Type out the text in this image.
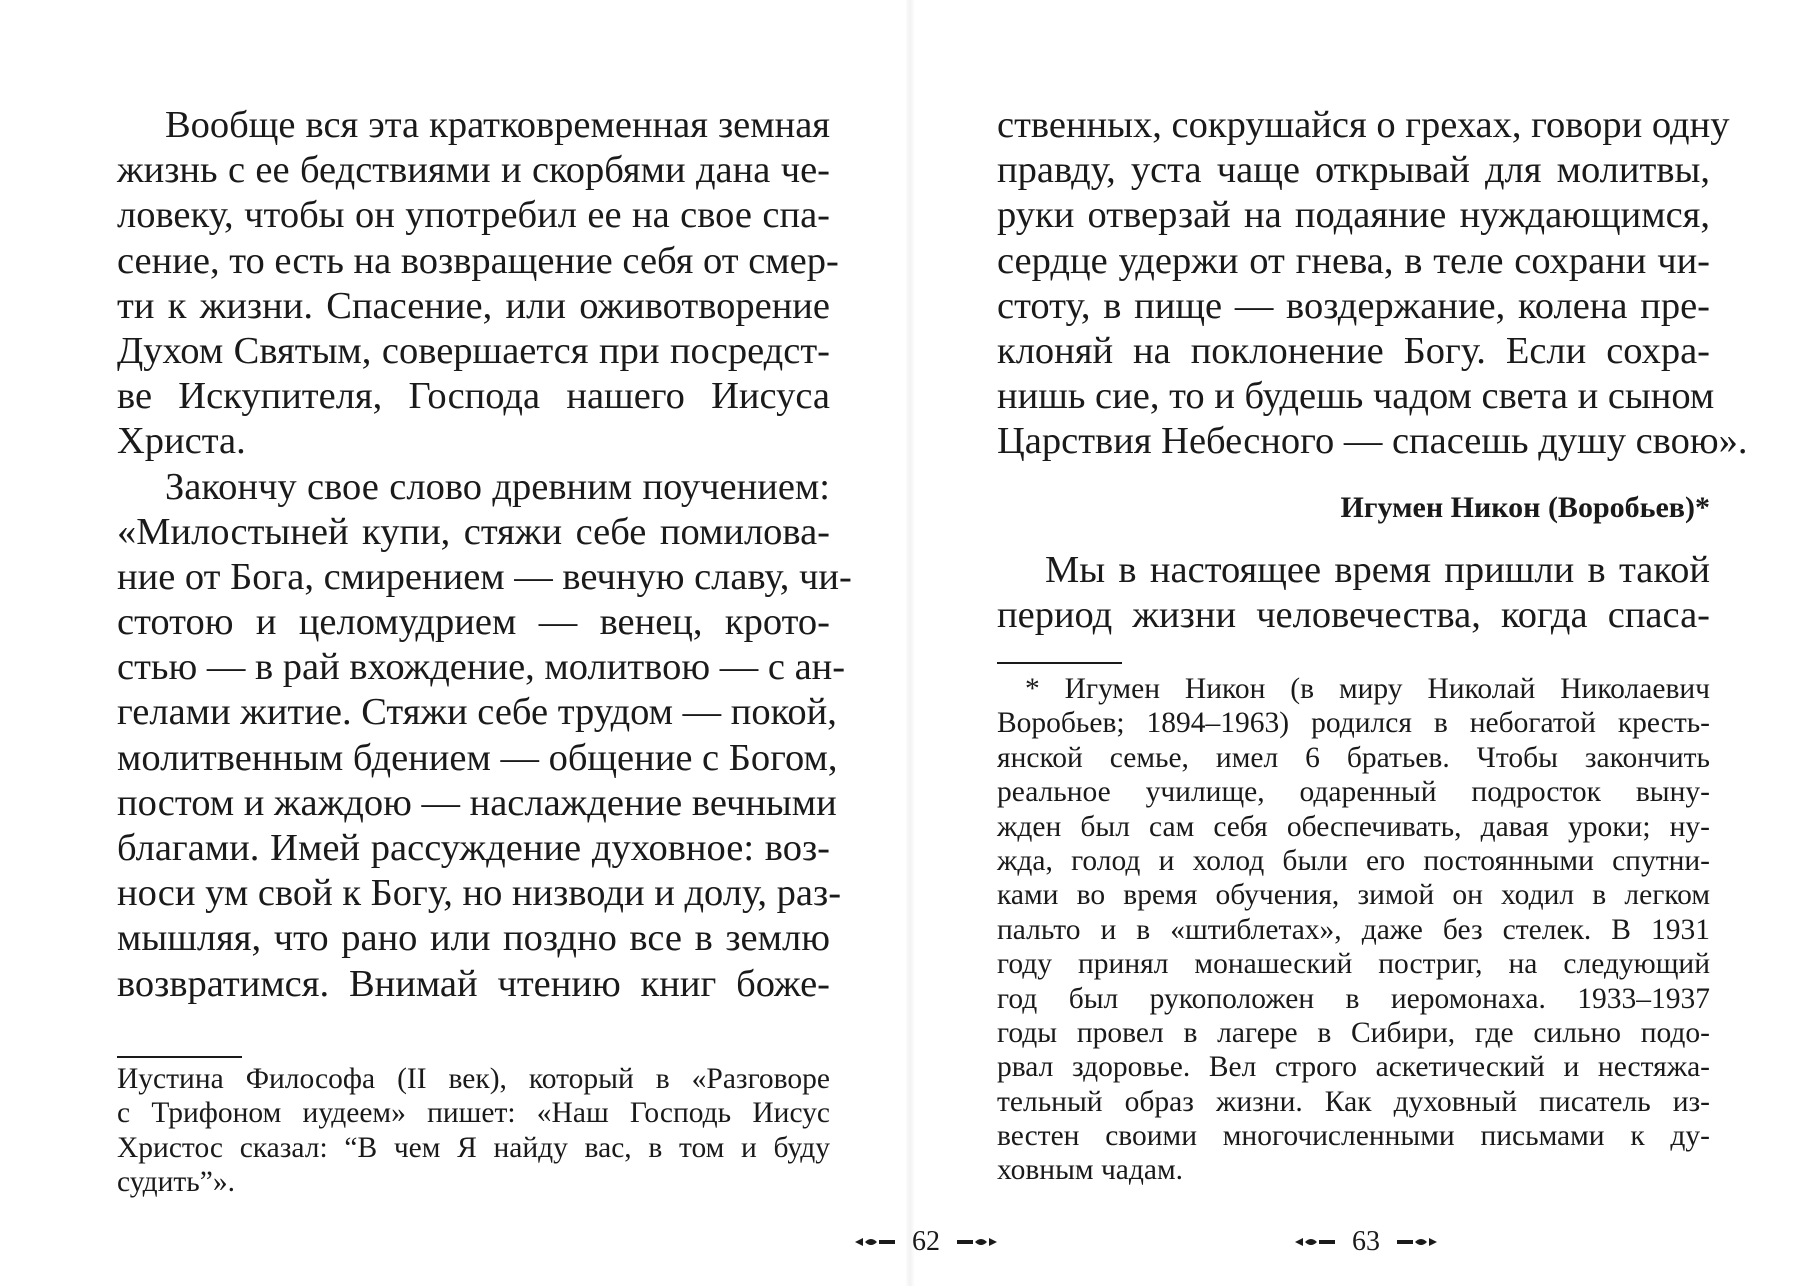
Вообще вся эта кратковременная земная
жизнь с ее бедствиями и скорбями дана че-
ловеку, чтобы он употребил ее на свое спа-
сение, то есть на возвращение себя от смер-
ти к жизни. Спасение, или оживотворение
Духом Святым, совершается при посредст-
ве Искупителя, Господа нашего Иисуса
Христа.
Закончу свое слово древним поучением:
«Милостыней купи, стяжи себе помилова-
ние от Бога, смирением — вечную славу, чи-
стотою и целомудрием — венец, крото-
стью — в рай вхождение, молитвою — с ан-
гелами житие. Стяжи себе трудом — покой,
молитвенным бдением — общение с Богом,
постом и жаждою — наслаждение вечными
благами. Имей рассуждение духовное: воз-
носи ум свой к Богу, но низводи и долу, раз-
мышляя, что рано или поздно все в землю
возвратимся. Внимай чтению книг боже-
Иустина Философа (II век), который в «Разговоре
с Трифоном иудеем» пишет: «Наш Господь Иисус
Христос сказал: “В чем Я найду вас, в том и буду
судить”».
62
ственных, сокрушайся о грехах, говори одну
правду, уста чаще открывай для молитвы,
руки отверзай на подаяние нуждающимся,
сердце удержи от гнева, в теле сохрани чи-
стоту, в пище — воздержание, колена пре-
клоняй на поклонение Богу. Если сохра-
нишь сие, то и будешь чадом света и сыном
Царствия Небесного — спасешь душу свою».
Игумен Никон (Воробьев)*
Мы в настоящее время пришли в такой
период жизни человечества, когда спаса-
* Игумен Никон (в миру Николай Николаевич
Воробьев; 1894–1963) родился в небогатой кресть-
янской семье, имел 6 братьев. Чтобы закончить
реальное училище, одаренный подросток выну-
жден был сам себя обеспечивать, давая уроки; ну-
жда, голод и холод были его постоянными спутни-
ками во время обучения, зимой он ходил в легком
пальто и в «штиблетах», даже без стелек. В 1931
году принял монашеский постриг, на следующий
год был рукоположен в иеромонаха. 1933–1937
годы провел в лагере в Сибири, где сильно подо-
рвал здоровье. Вел строго аскетический и нестяжа-
тельный образ жизни. Как духовный писатель из-
вестен своими многочисленными письмами к ду-
ховным чадам.
63
